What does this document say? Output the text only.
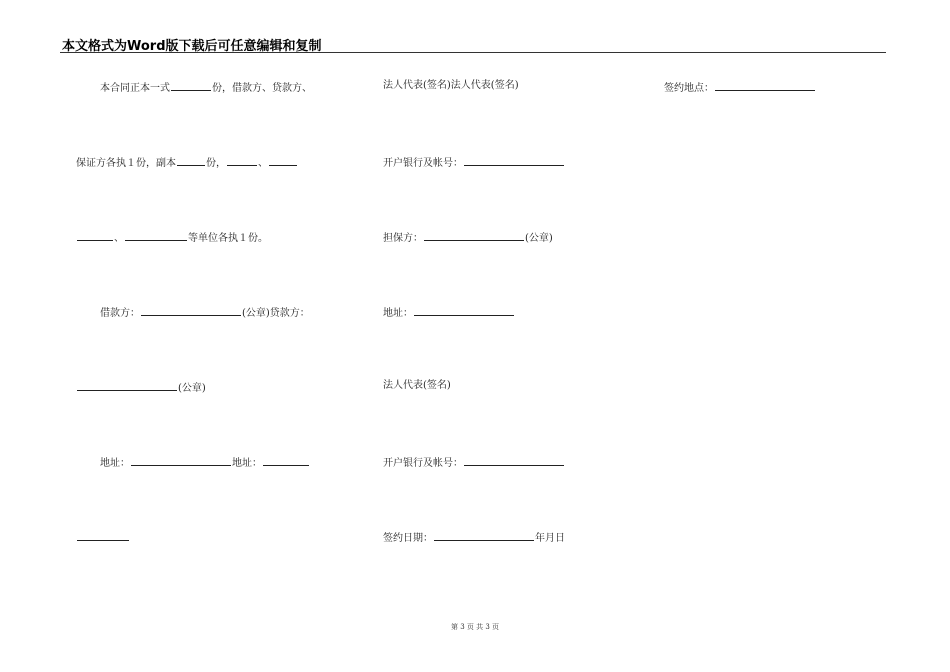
本文格式为Word版下载后可任意编辑和复制
本合同正本一式	份，借款方、贷款方、
保证方各执１份，副本	份，	、
、	等单位各执１份。
借款方：	(公章)贷款方：
(公章)
地址：	地址：
法人代表(签名)法人代表(签名)
开户银行及帐号：
担保方：	(公章)
地址：
法人代表(签名)
开户银行及帐号：
签约日期：	年月日
签约地点：
第 3 页 共 3 页
